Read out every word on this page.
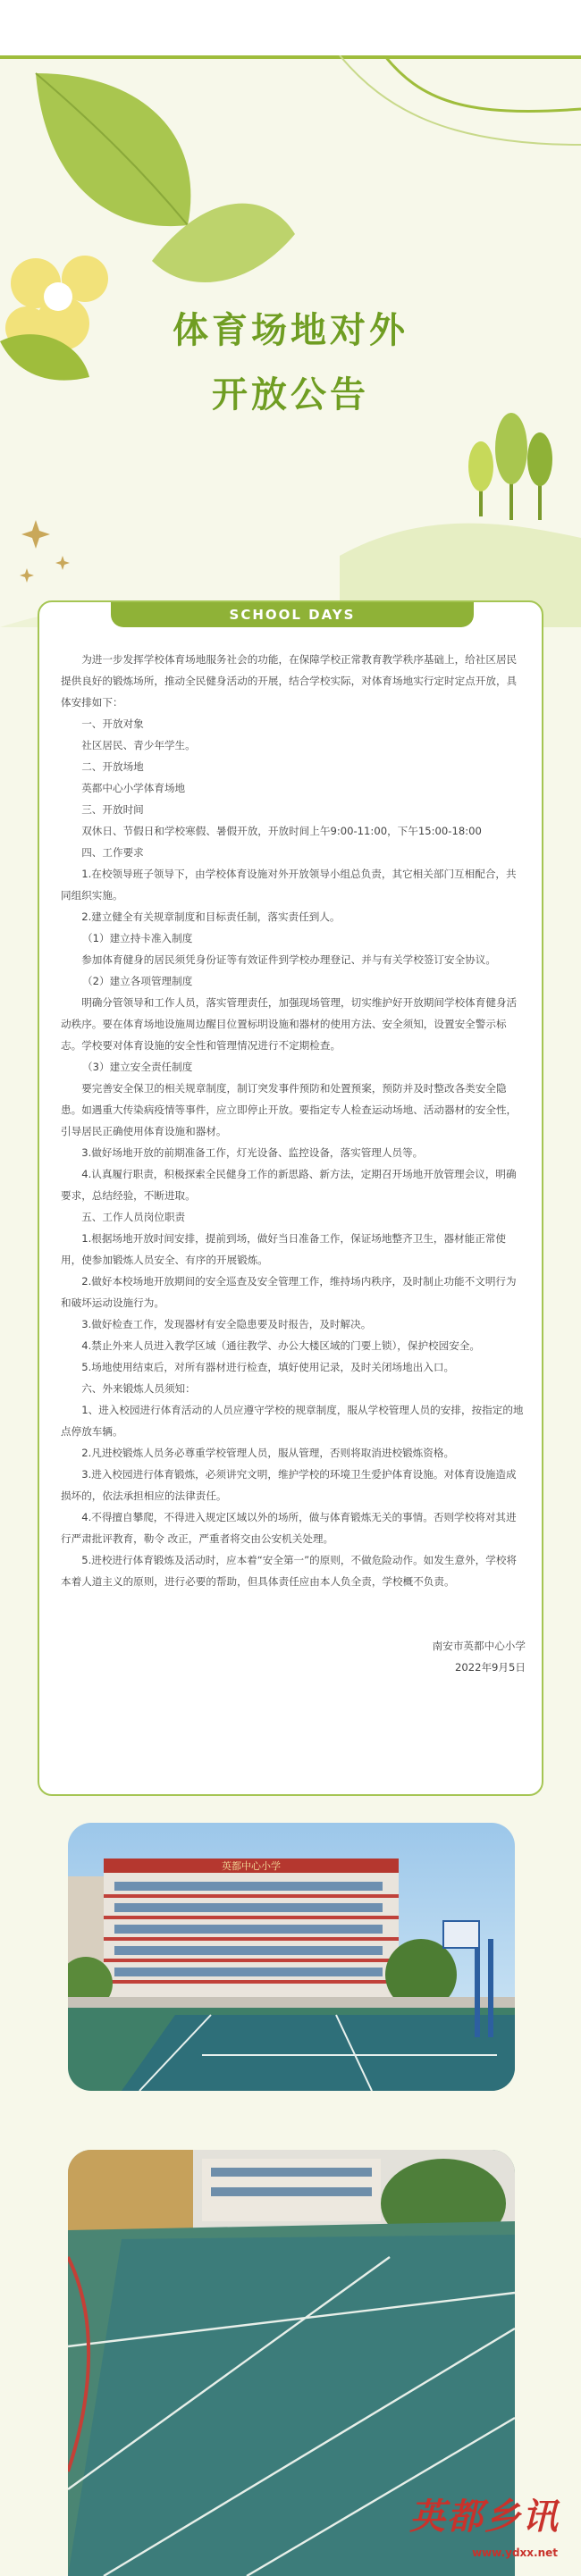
体育场地对外
开放公告
SCHOOL DAYS

为进一步发挥学校体育场地服务社会的功能，在保障学校正常教育教学秩序基础上，给社区居民提供良好的锻炼场所，推动全民健身活动的开展，结合学校实际，对体育场地实行定时定点开放，具体安排如下：

一、开放对象

社区居民、青少年学生。

二、开放场地

英都中心小学体育场地

三、开放时间

双休日、节假日和学校寒假、暑假开放，开放时间上午9:00-11:00，下午15:00-18:00

四、工作要求

1.在校领导班子领导下，由学校体育设施对外开放领导小组总负责，其它相关部门互相配合，共同组织实施。

2.建立健全有关规章制度和目标责任制，落实责任到人。

（1）建立持卡准入制度

参加体育健身的居民须凭身份证等有效证件到学校办理登记、并与有关学校签订安全协议。

（2）建立各项管理制度

明确分管领导和工作人员，落实管理责任，加强现场管理，切实维护好开放期间学校体育健身活动秩序。要在体育场地设施周边醒目位置标明设施和器材的使用方法、安全须知，设置安全警示标志。学校要对体育设施的安全性和管理情况进行不定期检查。

（3）建立安全责任制度

要完善安全保卫的相关规章制度，制订突发事件预防和处置预案，预防并及时整改各类安全隐患。如遇重大传染病疫情等事件，应立即停止开放。要指定专人检查运动场地、活动器材的安全性，引导居民正确使用体育设施和器材。

3.做好场地开放的前期准备工作，灯光设备、监控设备，落实管理人员等。

4.认真履行职责，积极探索全民健身工作的新思路、新方法，定期召开场地开放管理会议，明确要求，总结经验，不断进取。

五、工作人员岗位职责

1.根据场地开放时间安排，提前到场，做好当日准备工作，保证场地整齐卫生，器材能正常使用，使参加锻炼人员安全、有序的开展锻炼。

2.做好本校场地开放期间的安全巡查及安全管理工作，维持场内秩序，及时制止功能不文明行为和破坏运动设施行为。

3.做好检查工作，发现器材有安全隐患要及时报告，及时解决。

4.禁止外来人员进入教学区域（通往教学、办公大楼区域的门要上锁），保护校园安全。

5.场地使用结束后，对所有器材进行检查，填好使用记录，及时关闭场地出入口。

六、外来锻炼人员须知：

1、进入校园进行体育活动的人员应遵守学校的规章制度，服从学校管理人员的安排，按指定的地点停放车辆。

2.凡进校锻炼人员务必尊重学校管理人员，服从管理，否则将取消进校锻炼资格。

3.进入校园进行体育锻炼，必须讲究文明，维护学校的环境卫生爱护体育设施。对体育设施造成损坏的，依法承担相应的法律责任。

4.不得擅自攀爬，不得进入规定区域以外的场所，做与体育锻炼无关的事情。否则学校将对其进行严肃批评教育，勒令 改正，严重者将交由公安机关处理。

5.进校进行体育锻炼及活动时，应本着“安全第一”的原则，不做危险动作。如发生意外，学校将本着人道主义的原则，进行必要的帮助，但具体责任应由本人负全责，学校概不负责。

南安市英都中心小学

2022年9月5日

英都中心小学
英都乡讯
www.ydxx.net
